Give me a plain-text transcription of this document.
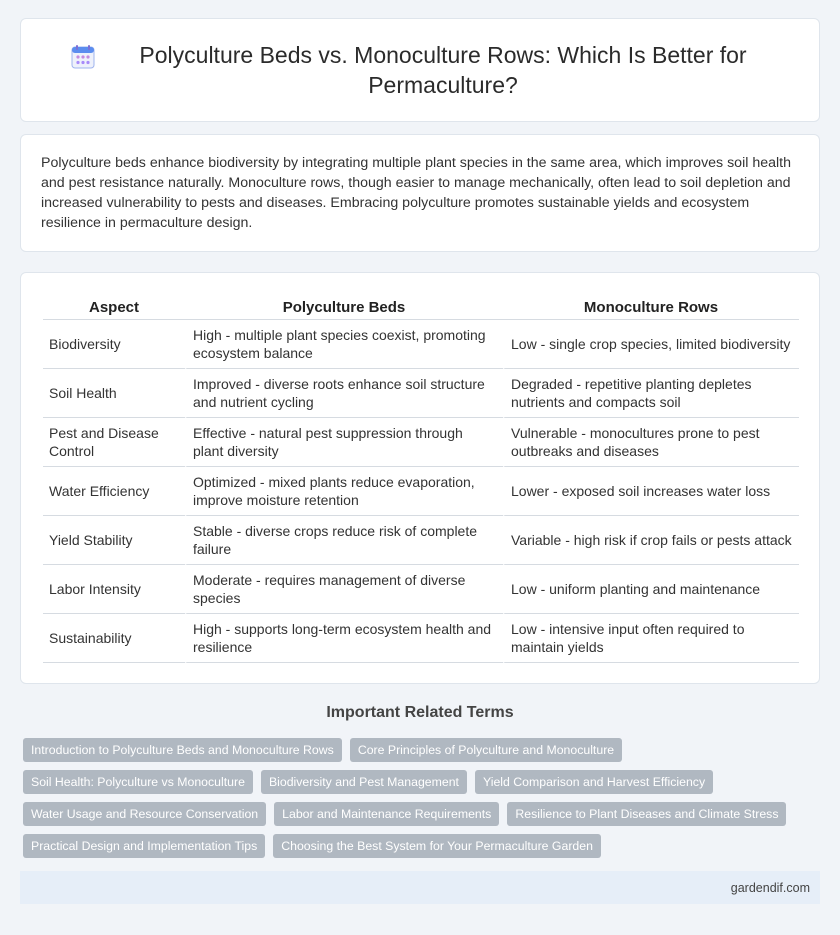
Polyculture Beds vs. Monoculture Rows: Which Is Better for Permaculture?

Polyculture beds enhance biodiversity by integrating multiple plant species in the same area, which improves soil health and pest resistance naturally. Monoculture rows, though easier to manage mechanically, often lead to soil depletion and increased vulnerability to pests and diseases. Embracing polyculture promotes sustainable yields and ecosystem resilience in permaculture design.

Aspect	Polyculture Beds	Monoculture Rows
Biodiversity	High - multiple plant species coexist, promoting ecosystem balance	Low - single crop species, limited biodiversity
Soil Health	Improved - diverse roots enhance soil structure and nutrient cycling	Degraded - repetitive planting depletes nutrients and compacts soil
Pest and Disease Control	Effective - natural pest suppression through plant diversity	Vulnerable - monocultures prone to pest outbreaks and diseases
Water Efficiency	Optimized - mixed plants reduce evaporation, improve moisture retention	Lower - exposed soil increases water loss
Yield Stability	Stable - diverse crops reduce risk of complete failure	Variable - high risk if crop fails or pests attack
Labor Intensity	Moderate - requires management of diverse species	Low - uniform planting and maintenance
Sustainability	High - supports long-term ecosystem health and resilience	Low - intensive input often required to maintain yields
Important Related Terms
Introduction to Polyculture Beds and Monoculture Rows	Core Principles of Polyculture and Monoculture
Soil Health: Polyculture vs Monoculture	Biodiversity and Pest Management	Yield Comparison and Harvest Efficiency
Water Usage and Resource Conservation	Labor and Maintenance Requirements	Resilience to Plant Diseases and Climate Stress
Practical Design and Implementation Tips	Choosing the Best System for Your Permaculture Garden
gardendif.com
